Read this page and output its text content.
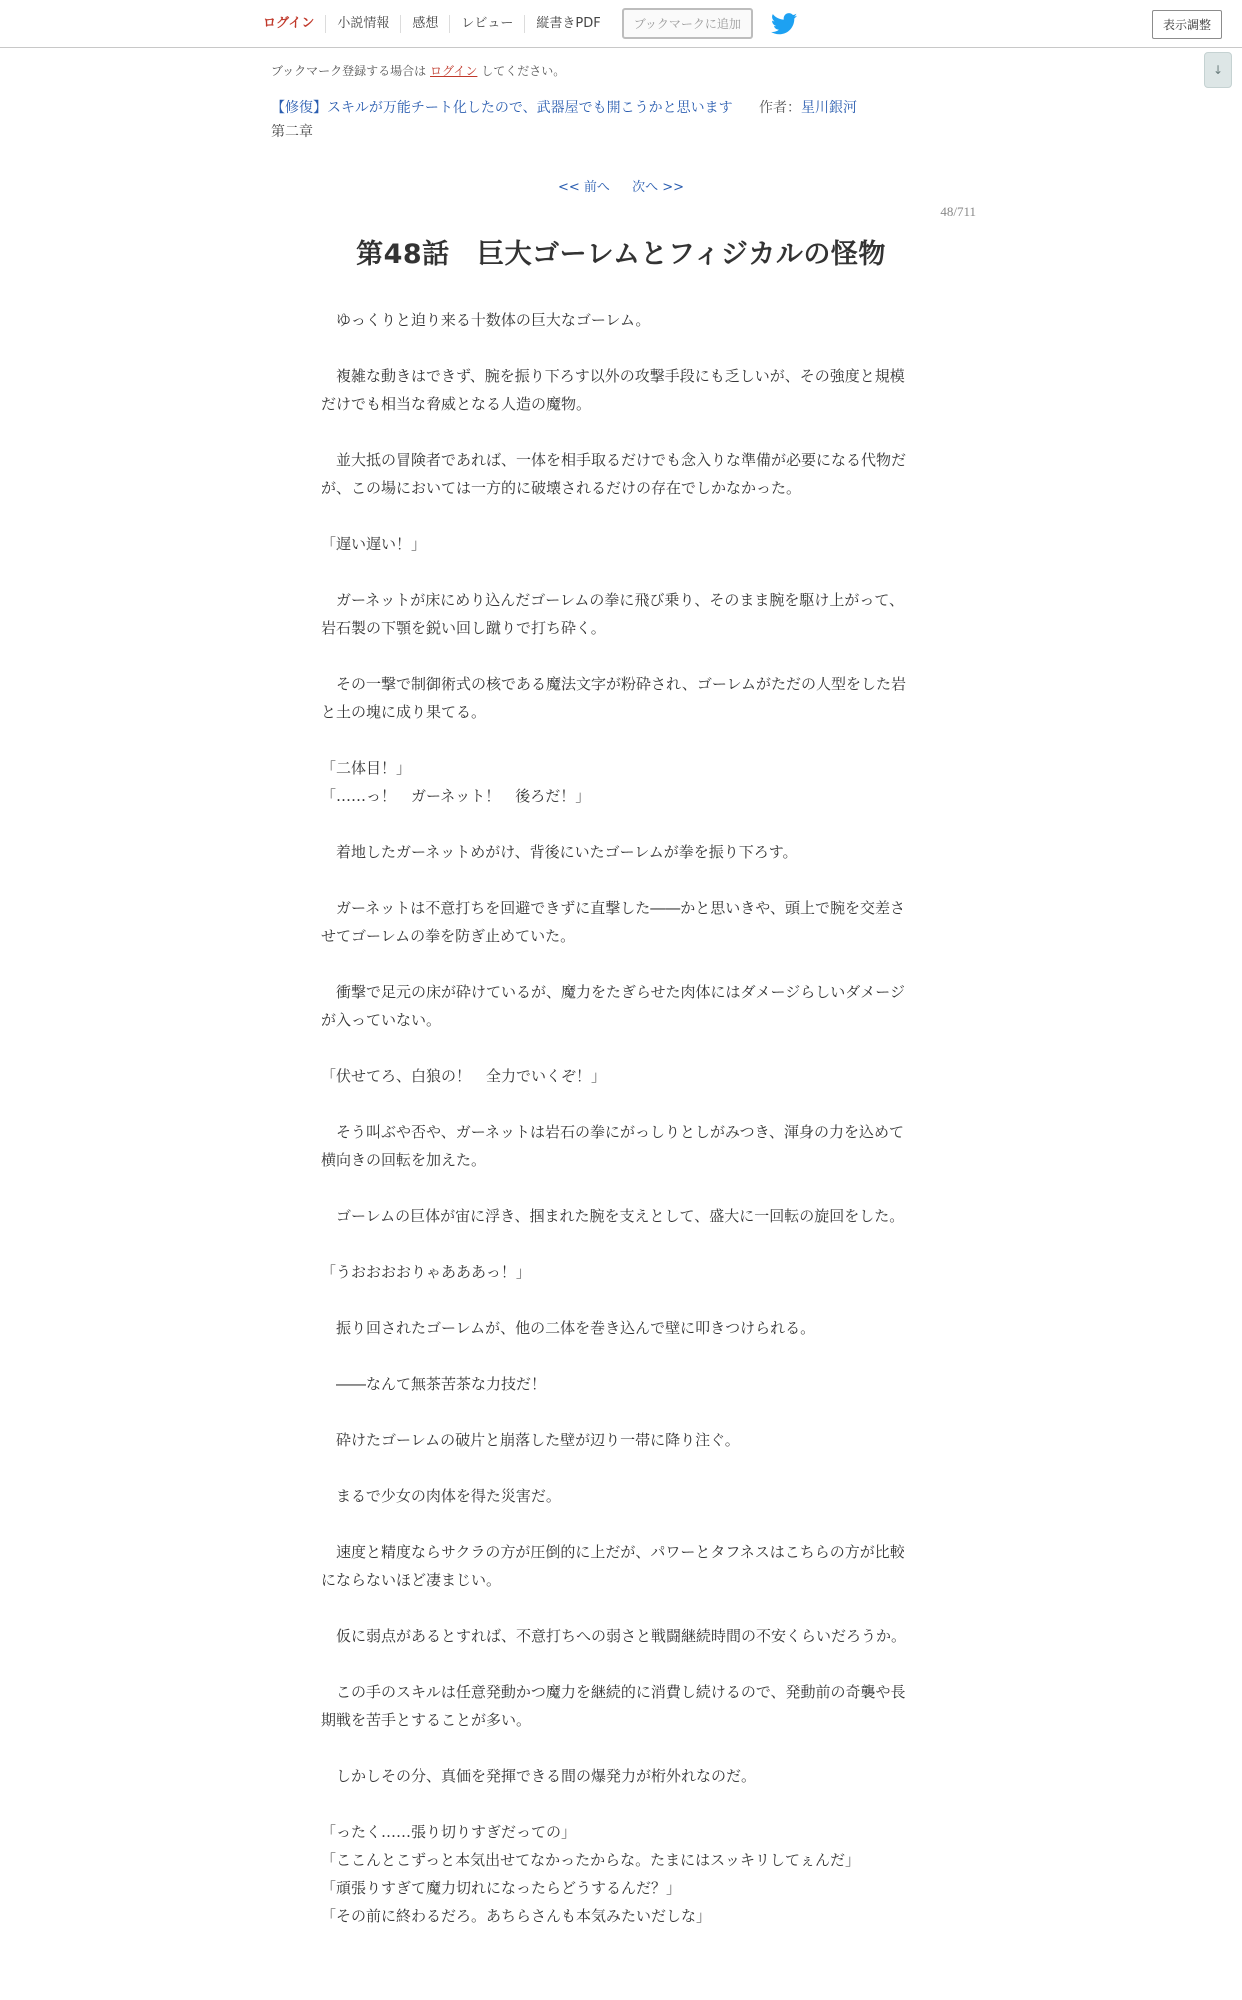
ログイン	小説情報	感想	レビュー	縦書きPDF	ブックマークに追加	表示調整
↓
ブックマーク登録する場合は ログイン してください。
【修復】スキルが万能チート化したので、武器屋でも開こうかと思います 作者：星川銀河
第二章
<< 前へ 次へ >>
48/711
第48話　巨大ゴーレムとフィジカルの怪物

　ゆっくりと迫り来る十数体の巨大なゴーレム。

　複雑な動きはできず、腕を振り下ろす以外の攻撃手段にも乏しいが、その強度と規模だけでも相当な脅威となる人造の魔物。

　並大抵の冒険者であれば、一体を相手取るだけでも念入りな準備が必要になる代物だが、この場においては一方的に破壊されるだけの存在でしかなかった。

「遅い遅い！」

　ガーネットが床にめり込んだゴーレムの拳に飛び乗り、そのまま腕を駆け上がって、岩石製の下顎を鋭い回し蹴りで打ち砕く。

　その一撃で制御術式の核である魔法文字が粉砕され、ゴーレムがただの人型をした岩と土の塊に成り果てる。

「二体目！」

「……っ！　ガーネット！　後ろだ！」

　着地したガーネットめがけ、背後にいたゴーレムが拳を振り下ろす。

　ガーネットは不意打ちを回避できずに直撃した――かと思いきや、頭上で腕を交差させてゴーレムの拳を防ぎ止めていた。

　衝撃で足元の床が砕けているが、魔力をたぎらせた肉体にはダメージらしいダメージが入っていない。

「伏せてろ、白狼の！　全力でいくぞ！」

　そう叫ぶや否や、ガーネットは岩石の拳にがっしりとしがみつき、渾身の力を込めて横向きの回転を加えた。

　ゴーレムの巨体が宙に浮き、掴まれた腕を支えとして、盛大に一回転の旋回をした。

「うおおおおりゃあああっ！」

　振り回されたゴーレムが、他の二体を巻き込んで壁に叩きつけられる。

　――なんて無茶苦茶な力技だ！

　砕けたゴーレムの破片と崩落した壁が辺り一帯に降り注ぐ。

　まるで少女の肉体を得た災害だ。

　速度と精度ならサクラの方が圧倒的に上だが、パワーとタフネスはこちらの方が比較にならないほど凄まじい。

　仮に弱点があるとすれば、不意打ちへの弱さと戦闘継続時間の不安くらいだろうか。

　この手のスキルは任意発動かつ魔力を継続的に消費し続けるので、発動前の奇襲や長期戦を苦手とすることが多い。

　しかしその分、真価を発揮できる間の爆発力が桁外れなのだ。

「ったく……張り切りすぎだっての」

「ここんとこずっと本気出せてなかったからな。たまにはスッキリしてぇんだ」

「頑張りすぎて魔力切れになったらどうするんだ？」

「その前に終わるだろ。あちらさんも本気みたいだしな」
